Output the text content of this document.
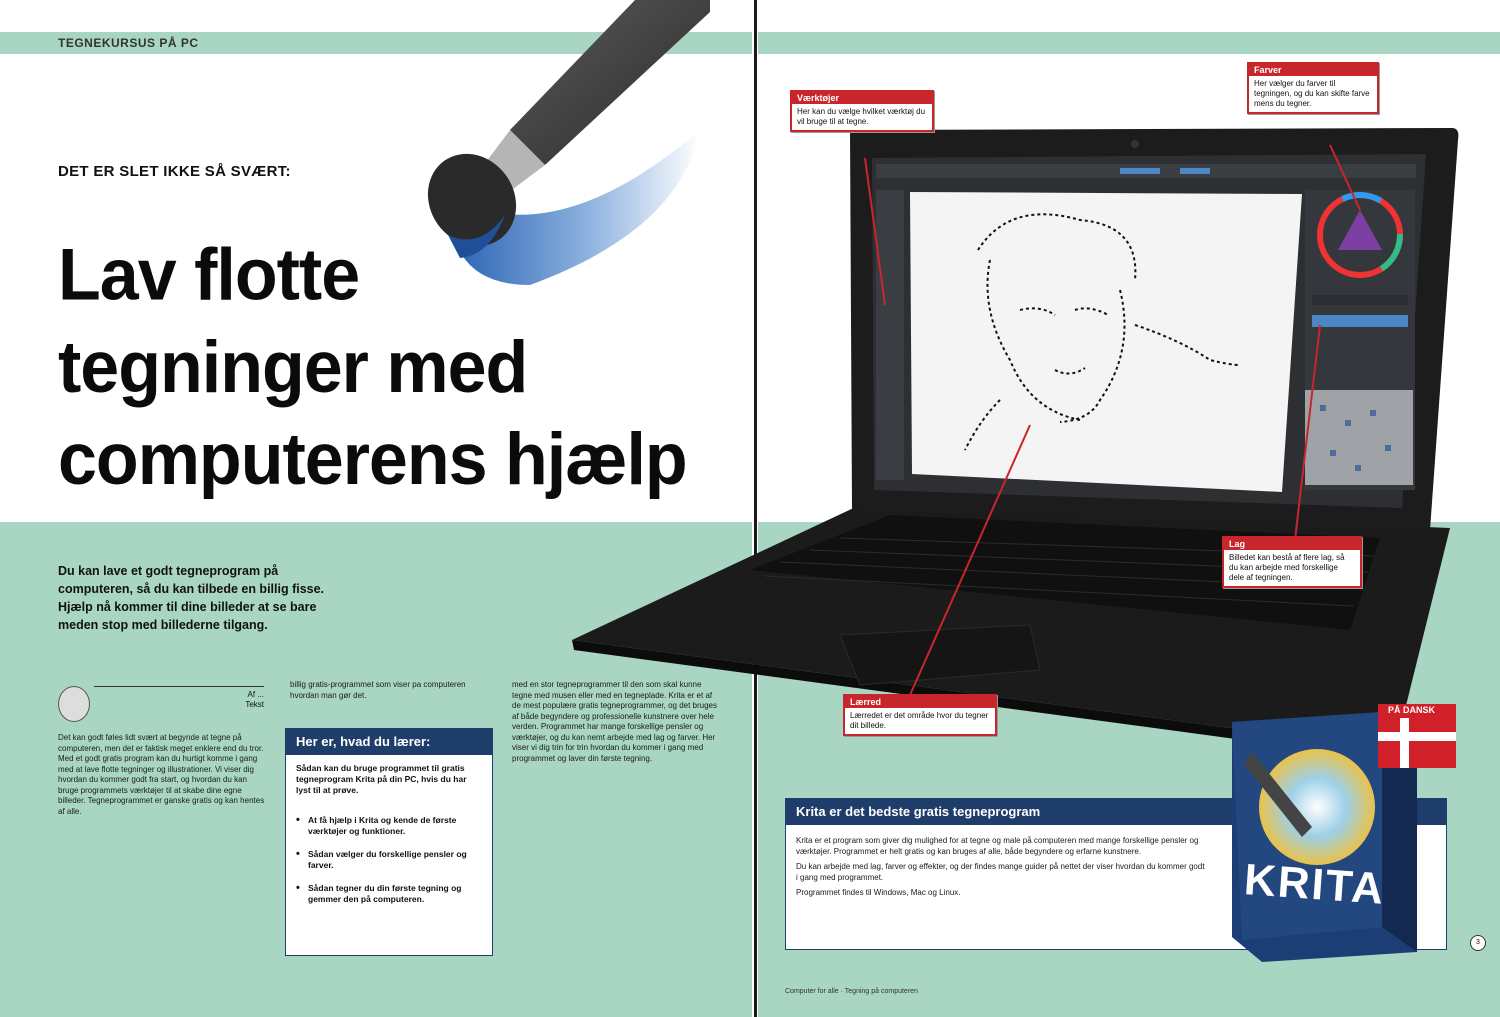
TEGNEKURSUS PÅ PC
DET ER SLET IKKE SÅ SVÆRT:
Lav flotte
tegninger med
computerens hjælp
Du kan lave et godt tegneprogram på
computeren, så du kan tilbede en billig fisse.
Hjælp nå kommer til dine billeder at se bare
meden stop med billederne tilgang.
Af ...
Tekst
Det kan godt føles lidt svært at begynde at tegne på computeren, men det er faktisk meget enklere end du tror. Med et godt gratis program kan du hurtigt komme i gang med at lave flotte tegninger og illustrationer. Vi viser dig hvordan du kommer godt fra start, og hvordan du kan bruge programmets værktøjer til at skabe dine egne billeder. Tegneprogrammet er ganske gratis og kan hentes af alle.
billig gratis-programmet som viser pa computeren hvordan man gør det.
med en stor tegneprogrammer til den som skal kunne tegne med musen eller med en tegneplade. Krita er et af de mest populære gratis tegneprogrammer, og det bruges af både begyndere og professionelle kunstnere over hele verden. Programmet har mange forskellige pensler og værktøjer, og du kan nemt arbejde med lag og farver. Her viser vi dig trin for trin hvordan du kommer i gang med programmet og laver din første tegning.
Her er, hvad du lærer:
Sådan kan du bruge programmet til gratis tegneprogram Krita på din PC, hvis du har lyst til at prøve.
• At få hjælp i Krita og kende de første værktøjer og funktioner.
• Sådan vælger du forskellige pensler og farver.
• Sådan tegner du din første tegning og gemmer den på computeren.
Værktøjer
Her kan du vælge hvilket værktøj du vil bruge til at tegne.
Farver
Her vælger du farver til tegningen, og du kan skifte farve mens du tegner.
Lag
Billedet kan bestå af flere lag, så du kan arbejde med forskellige dele af tegningen.
Lærred
Lærredet er det område hvor du tegner dit billede.
Krita er det bedste gratis tegneprogram

Krita er et program som giver dig mulighed for at tegne og male på computeren med mange forskellige pensler og værktøjer. Programmet er helt gratis og kan bruges af alle, både begyndere og erfarne kunstnere.

Du kan arbejde med lag, farver og effekter, og der findes mange guider på nettet der viser hvordan du kommer godt i gang med programmet.

Programmet findes til Windows, Mac og Linux.	KRITA
PÅ DANSK
3
Computer for alle · Tegning på computeren
